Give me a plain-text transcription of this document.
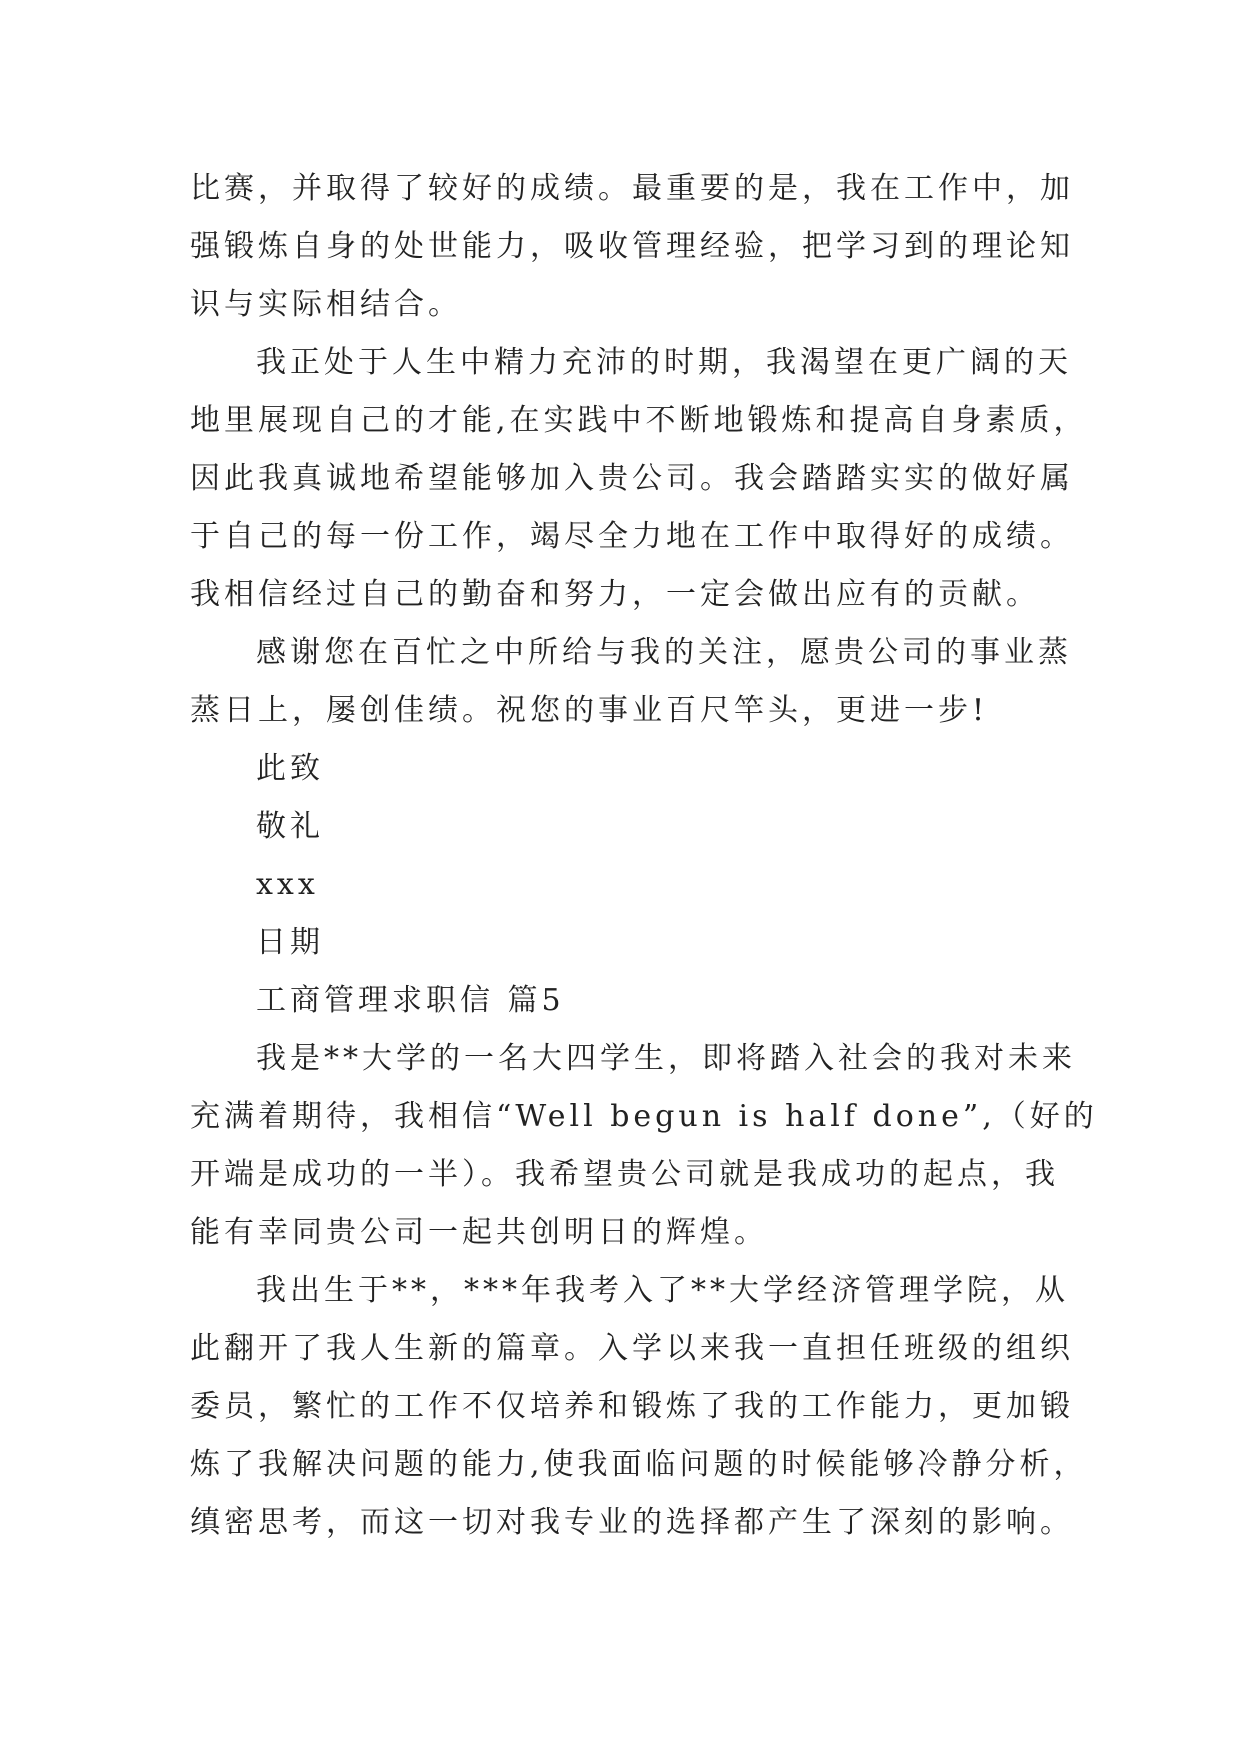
比赛，并取得了较好的成绩。最重要的是，我在工作中，加
强锻炼自身的处世能力，吸收管理经验，把学习到的理论知
识与实际相结合。
我正处于人生中精力充沛的时期，我渴望在更广阔的天
地里展现自己的才能,在实践中不断地锻炼和提高自身素质，
因此我真诚地希望能够加入贵公司。我会踏踏实实的做好属
于自己的每一份工作，竭尽全力地在工作中取得好的成绩。
我相信经过自己的勤奋和努力，一定会做出应有的贡献。
感谢您在百忙之中所给与我的关注，愿贵公司的事业蒸
蒸日上，屡创佳绩。祝您的事业百尺竿头，更进一步!
此致
敬礼
xxx
日期
工商管理求职信 篇5
我是**大学的一名大四学生，即将踏入社会的我对未来
充满着期待，我相信“Well begun is half done”,（好的
开端是成功的一半）。我希望贵公司就是我成功的起点，我
能有幸同贵公司一起共创明日的辉煌。
我出生于**，***年我考入了**大学经济管理学院，从
此翻开了我人生新的篇章。入学以来我一直担任班级的组织
委员，繁忙的工作不仅培养和锻炼了我的工作能力，更加锻
炼了我解决问题的能力,使我面临问题的时候能够冷静分析，
缜密思考，而这一切对我专业的选择都产生了深刻的影响。
